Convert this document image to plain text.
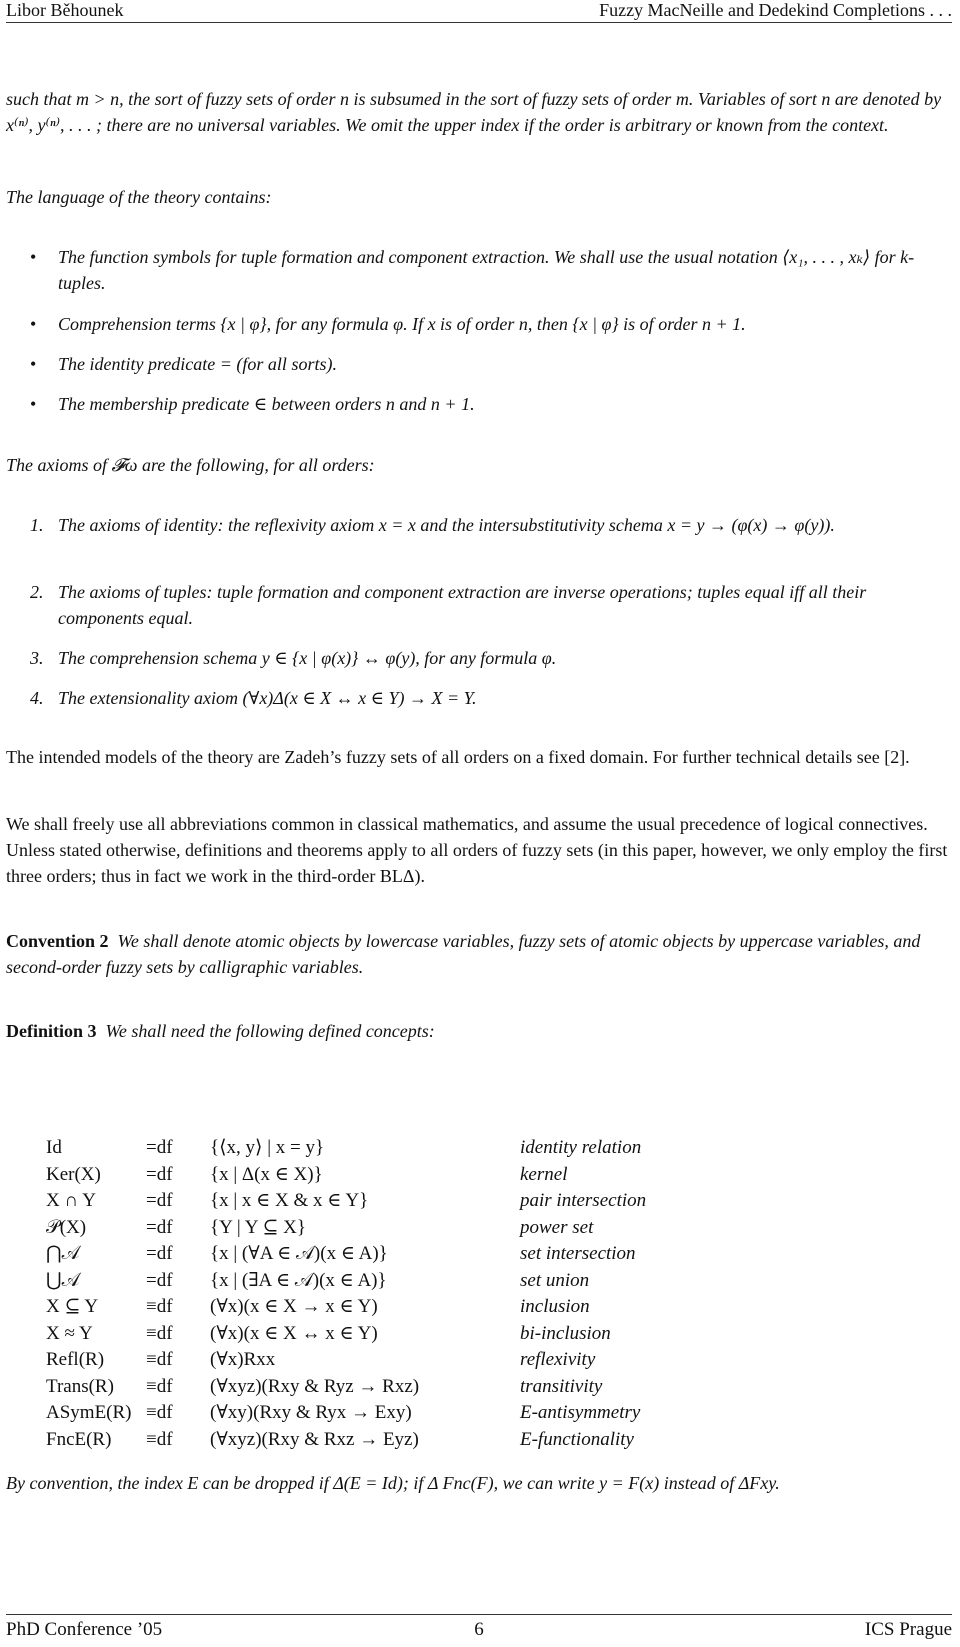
Libor Běhounek	Fuzzy MacNeille and Dedekind Completions . . .
such that m > n, the sort of fuzzy sets of order n is subsumed in the sort of fuzzy sets of order m. Variables of sort n are denoted by x⁽ⁿ⁾, y⁽ⁿ⁾, . . . ; there are no universal variables. We omit the upper index if the order is arbitrary or known from the context.
The language of the theory contains:
• The function symbols for tuple formation and component extraction. We shall use the usual notation ⟨x₁, . . . , xₖ⟩ for k-tuples.
• Comprehension terms {x | φ}, for any formula φ. If x is of order n, then {x | φ} is of order n + 1.
• The identity predicate = (for all sorts).
• The membership predicate ∈ between orders n and n + 1.
The axioms of 𝓕ω are the following, for all orders:
1. The axioms of identity: the reflexivity axiom x = x and the intersubstitutivity schema x = y → (φ(x) → φ(y)).
2. The axioms of tuples: tuple formation and component extraction are inverse operations; tuples equal iff all their components equal.
3. The comprehension schema y ∈ {x | φ(x)} ↔ φ(y), for any formula φ.
4. The extensionality axiom (∀x)Δ(x ∈ X ↔ x ∈ Y) → X = Y.
The intended models of the theory are Zadeh’s fuzzy sets of all orders on a fixed domain. For further technical details see [2].
We shall freely use all abbreviations common in classical mathematics, and assume the usual precedence of logical connectives. Unless stated otherwise, definitions and theorems apply to all orders of fuzzy sets (in this paper, however, we only employ the first three orders; thus in fact we work in the third-order BLΔ).
Convention 2 We shall denote atomic objects by lowercase variables, fuzzy sets of atomic objects by uppercase variables, and second-order fuzzy sets by calligraphic variables.
Definition 3 We shall need the following defined concepts:
Id	=df	{⟨x, y⟩ | x = y}	identity relation
Ker(X)	=df	{x | Δ(x ∈ X)}	kernel
X ∩ Y	=df	{x | x ∈ X & x ∈ Y}	pair intersection
𝒫(X)	=df	{Y | Y ⊆ X}	power set
⋂𝒜	=df	{x | (∀A ∈ 𝒜)(x ∈ A)}	set intersection
⋃𝒜	=df	{x | (∃A ∈ 𝒜)(x ∈ A)}	set union
X ⊆ Y	≡df	(∀x)(x ∈ X → x ∈ Y)	inclusion
X ≈ Y	≡df	(∀x)(x ∈ X ↔ x ∈ Y)	bi-inclusion
Refl(R)	≡df	(∀x)Rxx	reflexivity
Trans(R)	≡df	(∀xyz)(Rxy & Ryz → Rxz)	transitivity
ASymE(R)	≡df	(∀xy)(Rxy & Ryx → Exy)	E-antisymmetry
FncE(R)	≡df	(∀xyz)(Rxy & Rxz → Eyz)	E-functionality
By convention, the index E can be dropped if Δ(E = Id); if Δ Fnc(F), we can write y = F(x) instead of ΔFxy.
PhD Conference ’05	6	ICS Prague
